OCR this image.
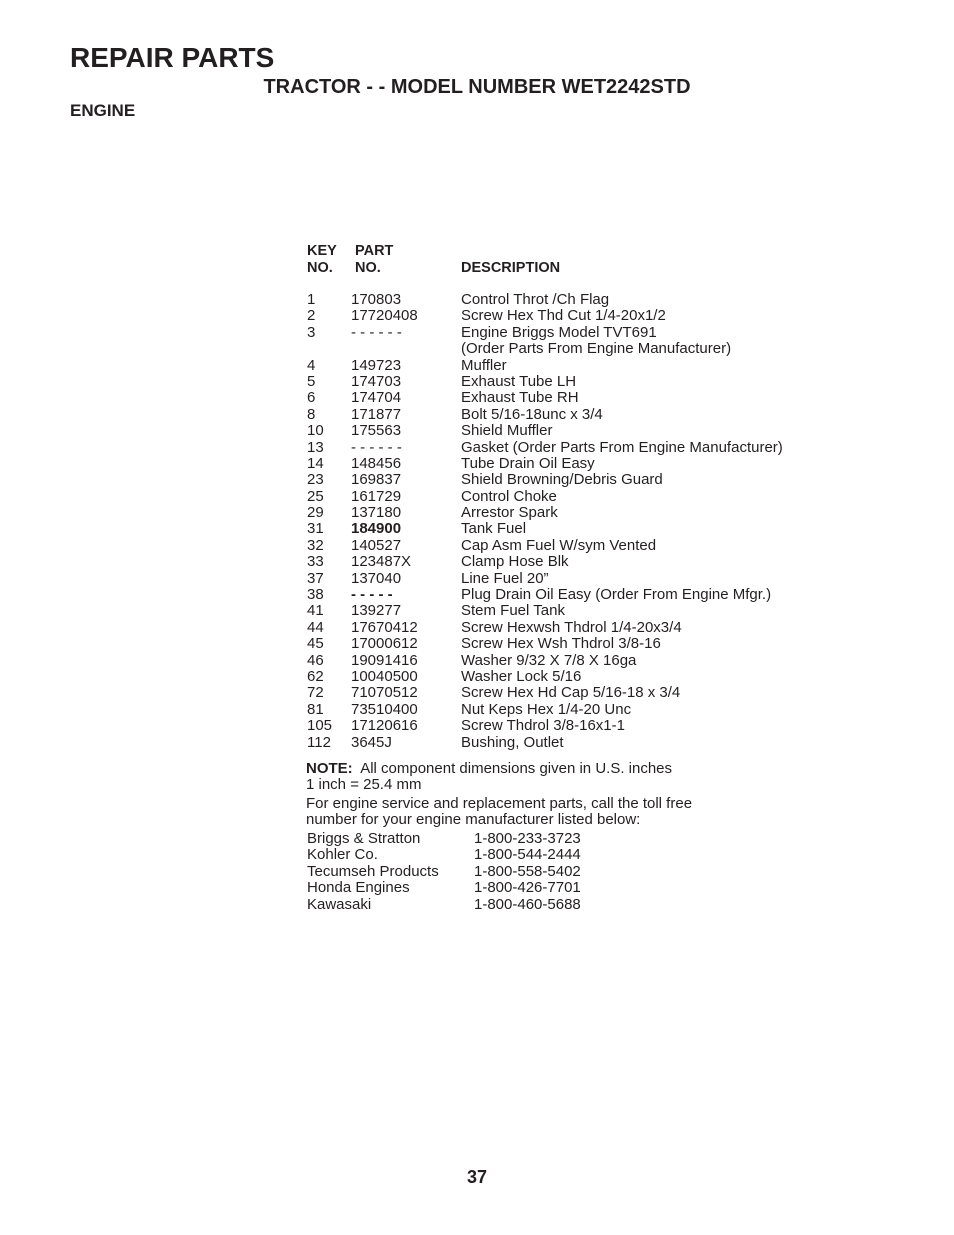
REPAIR PARTS
TRACTOR - - MODEL NUMBER WET2242STD
ENGINE
KEY
NO.
PART
NO.	DESCRIPTION
1 170803	Control Throt /Ch Flag
2 17720408	Screw Hex Thd Cut 1/4-20x1/2
3 - - - - - -	Engine Briggs Model TVT691
(Order Parts From Engine Manufacturer)
4 149723	Muffler
5 174703	Exhaust Tube LH
6 174704	Exhaust Tube RH
8 171877	Bolt 5/16-18unc x 3/4
10 175563	Shield Muffler
13 - - - - - -	Gasket (Order Parts From Engine Manufacturer)
14 148456	Tube Drain Oil Easy
23 169837	Shield Browning/Debris Guard
25 161729	Control Choke
29 137180	Arrestor Spark
31 184900	Tank Fuel
32 140527	Cap Asm Fuel W/sym Vented
33 123487X	Clamp Hose Blk
37 137040	Line Fuel 20”
38 - - - - -	Plug Drain Oil Easy (Order From Engine Mfgr.)
41 139277	Stem Fuel Tank
44 17670412	Screw Hexwsh Thdrol 1/4-20x3/4
45 17000612	Screw Hex Wsh Thdrol 3/8-16
46 19091416	Washer 9/32 X 7/8 X 16ga
62 10040500	Washer Lock 5/16
72 71070512	Screw Hex Hd Cap 5/16-18 x 3/4
81 73510400	Nut Keps Hex 1/4-20 Unc
105 17120616	Screw Thdrol 3/8-16x1-1
112 3645J	Bushing, Outlet

NOTE: All component dimensions given in U.S. inches

1 inch = 25.4 mm

For engine service and replacement parts, call the toll free

number for your engine manufacturer listed below:

Briggs & Stratton	1-800-233-3723
Kohler Co.	1-800-544-2444
Tecumseh Products 1-800-558-5402
Honda Engines	1-800-426-7701
Kawasaki	1-800-460-5688
37
